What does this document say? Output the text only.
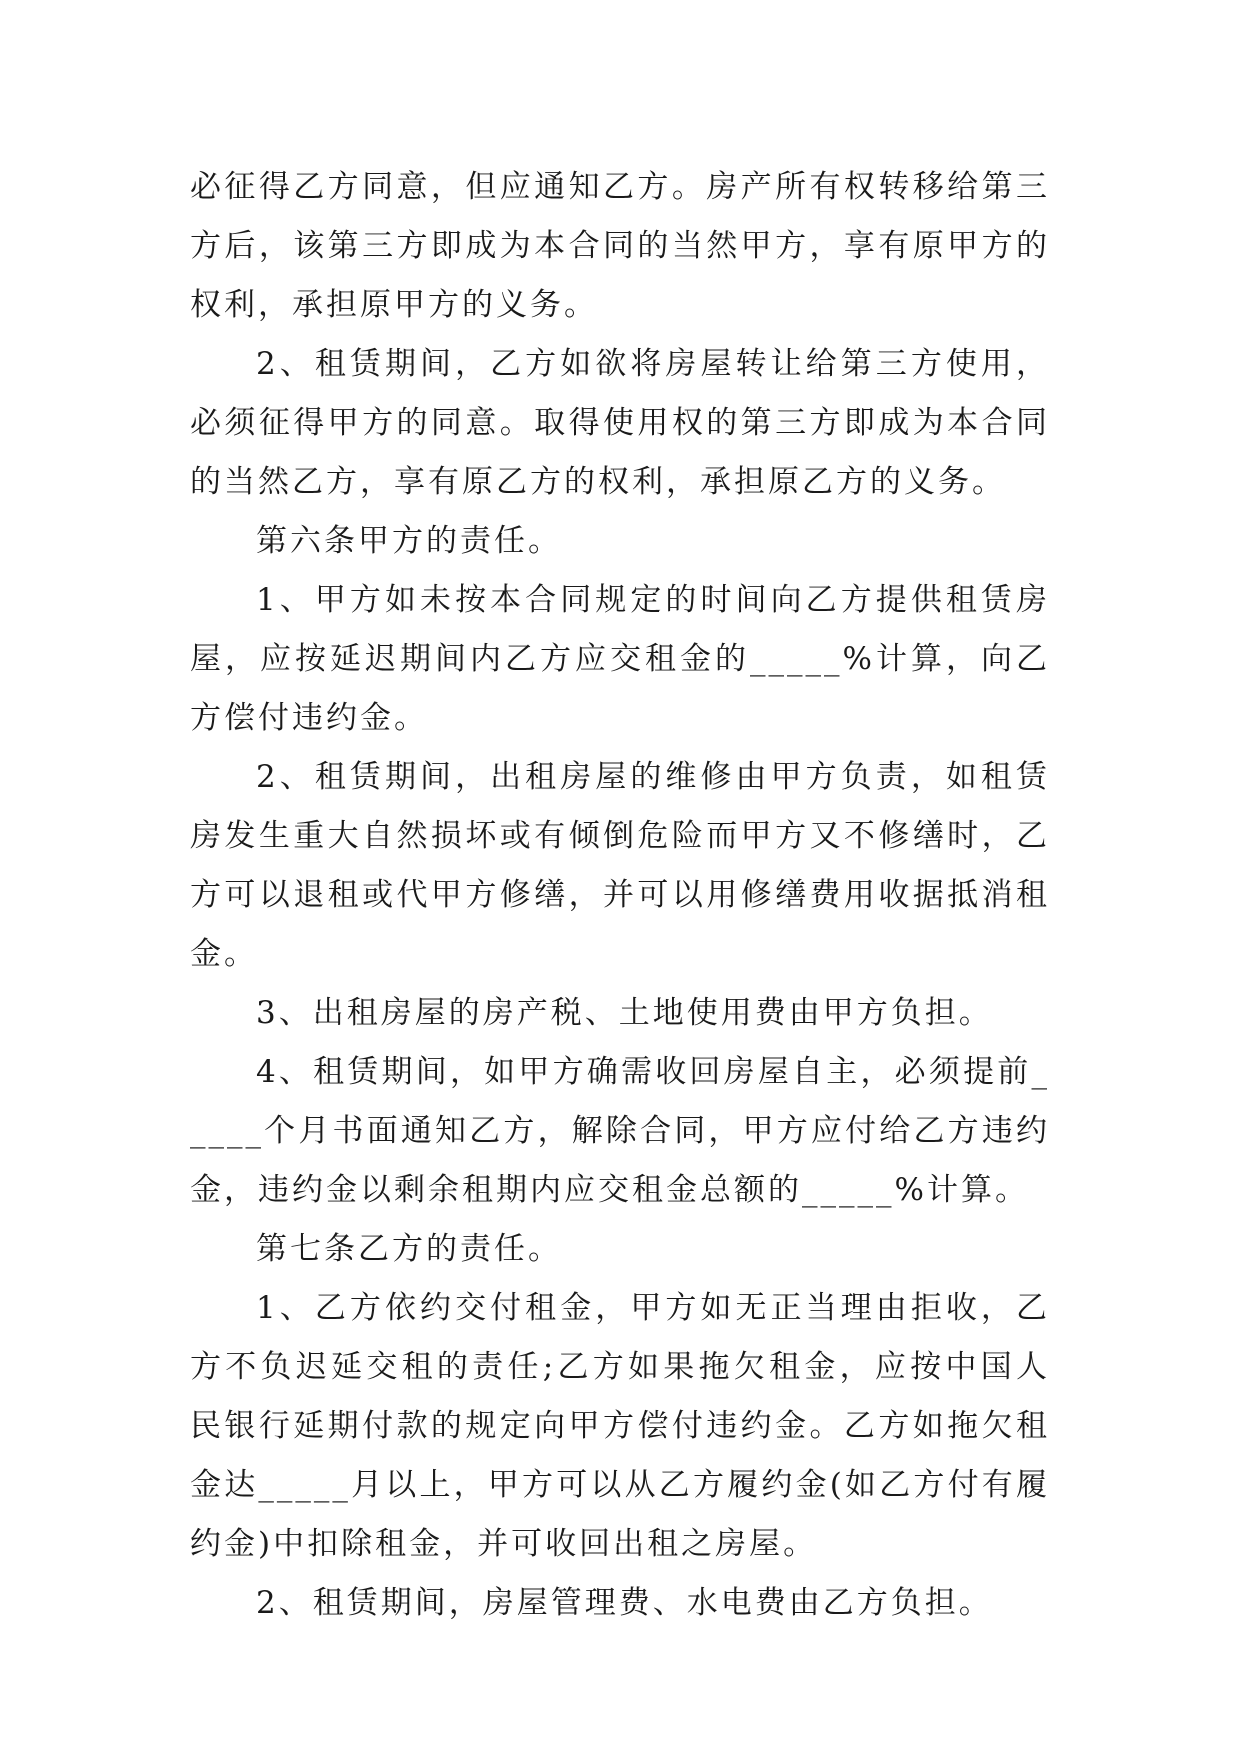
必征得乙方同意，但应通知乙方。房产所有权转移给第三方后，该第三方即成为本合同的当然甲方，享有原甲方的权利，承担原甲方的义务。

2、租赁期间，乙方如欲将房屋转让给第三方使用，必须征得甲方的同意。取得使用权的第三方即成为本合同的当然乙方，享有原乙方的权利，承担原乙方的义务。

第六条甲方的责任。

1、甲方如未按本合同规定的时间向乙方提供租赁房屋，应按延迟期间内乙方应交租金的_____%计算，向乙方偿付违约金。

2、租赁期间，出租房屋的维修由甲方负责，如租赁房发生重大自然损坏或有倾倒危险而甲方又不修缮时，乙方可以退租或代甲方修缮，并可以用修缮费用收据抵消租金。

3、出租房屋的房产税、土地使用费由甲方负担。

4、租赁期间，如甲方确需收回房屋自主，必须提前_____个月书面通知乙方，解除合同，甲方应付给乙方违约金，违约金以剩余租期内应交租金总额的_____%计算。

第七条乙方的责任。

1、乙方依约交付租金，甲方如无正当理由拒收，乙方不负迟延交租的责任;乙方如果拖欠租金，应按中国人民银行延期付款的规定向甲方偿付违约金。乙方如拖欠租金达_____月以上，甲方可以从乙方履约金(如乙方付有履约金)中扣除租金，并可收回出租之房屋。

2、租赁期间，房屋管理费、水电费由乙方负担。
